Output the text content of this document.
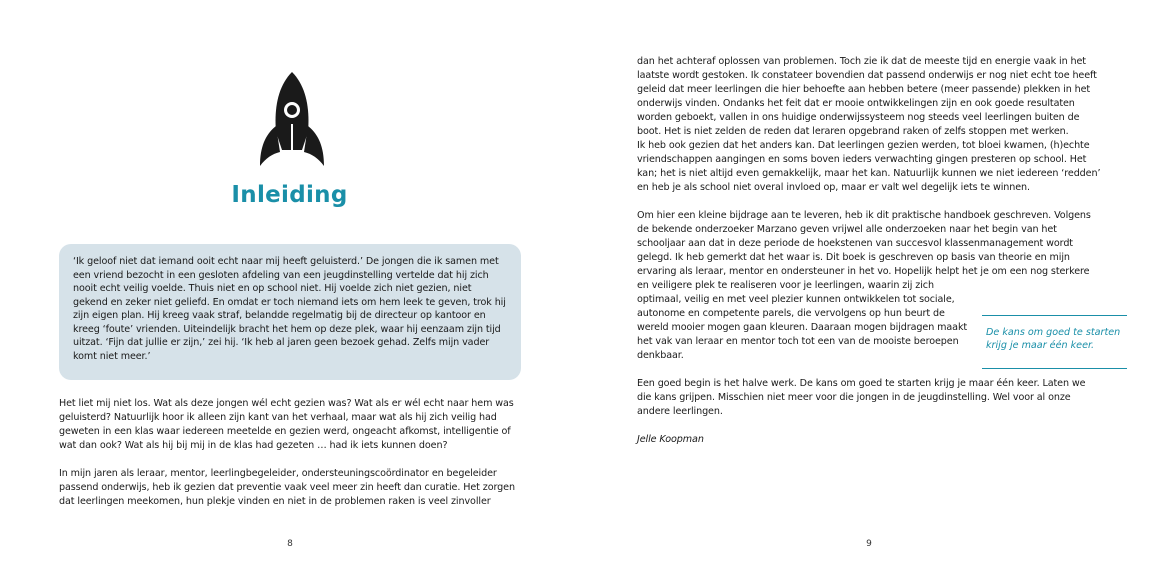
Inleiding

‘Ik geloof niet dat iemand ooit echt naar mij heeft geluisterd.’ De jongen die ik samen met een vriend bezocht in een gesloten afdeling van een jeugdinstelling vertelde dat hij zich nooit echt veilig voelde. Thuis niet en op school niet. Hij voelde zich niet gezien, niet gekend en zeker niet geliefd. En omdat er toch niemand iets om hem leek te geven, trok hij zijn eigen plan. Hij kreeg vaak straf, belandde regelmatig bij de directeur op kantoor en kreeg ‘foute’ vrienden. Uiteindelijk bracht het hem op deze plek, waar hij eenzaam zijn tijd uitzat. ‘Fijn dat jullie er zijn,’ zei hij. ‘Ik heb al jaren geen bezoek gehad. Zelfs mijn vader komt niet meer.’

Het liet mij niet los. Wat als deze jongen wél echt gezien was? Wat als er wél echt naar hem was geluisterd? Natuurlijk hoor ik alleen zijn kant van het verhaal, maar wat als hij zich veilig had geweten in een klas waar iedereen meetelde en gezien werd, ongeacht afkomst, intelligentie of wat dan ook? Wat als hij bij mij in de klas had gezeten … had ik iets kunnen doen?

In mijn jaren als leraar, mentor, leerlingbegeleider, ondersteuningscoördinator en begeleider passend onderwijs, heb ik gezien dat preventie vaak veel meer zin heeft dan curatie. Het zorgen dat leerlingen meekomen, hun plekje vinden en niet in de problemen raken is veel zinvoller

8

dan het achteraf oplossen van problemen. Toch zie ik dat de meeste tijd en energie vaak in het laatste wordt gestoken. Ik constateer bovendien dat passend onderwijs er nog niet echt toe heeft geleid dat meer leerlingen die hier behoefte aan hebben betere (meer passende) plekken in het onderwijs vinden. Ondanks het feit dat er mooie ontwikkelingen zijn en ook goede resultaten worden geboekt, vallen in ons huidige onderwijssysteem nog steeds veel leerlingen buiten de boot. Het is niet zelden de reden dat leraren opgebrand raken of zelfs stoppen met werken.

Ik heb ook gezien dat het anders kan. Dat leerlingen gezien werden, tot bloei kwamen, (h)echte vriendschappen aangingen en soms boven ieders verwachting gingen presteren op school. Het kan; het is niet altijd even gemakkelijk, maar het kan. Natuurlijk kunnen we niet iedereen ‘redden’ en heb je als school niet overal invloed op, maar er valt wel degelijk iets te winnen.

Om hier een kleine bijdrage aan te leveren, heb ik dit praktische handboek geschreven. Volgens de bekende onderzoeker Marzano geven vrijwel alle onderzoeken naar het begin van het schooljaar aan dat in deze periode de hoekstenen van succesvol klassenmanagement wordt gelegd. Ik heb gemerkt dat het waar is. Dit boek is geschreven op basis van theorie en mijn ervaring als leraar, mentor en ondersteuner in het vo. Hopelijk helpt het je om een nog sterkere

en veiligere plek te realiseren voor je leerlingen, waarin zij zich optimaal, veilig en met veel plezier kunnen ontwikkelen tot sociale, autonome en competente parels, die vervolgens op hun beurt de wereld mooier mogen gaan kleuren. Daaraan mogen bijdragen maakt het vak van leraar en mentor toch tot een van de mooiste beroepen denkbaar.

Een goed begin is het halve werk. De kans om goed te starten krijg je maar één keer. Laten we die kans grijpen. Misschien niet meer voor die jongen in de jeugdinstelling. Wel voor al onze andere leerlingen.

Jelle Koopman

De kans om goed te starten krijg je maar één keer.

9
